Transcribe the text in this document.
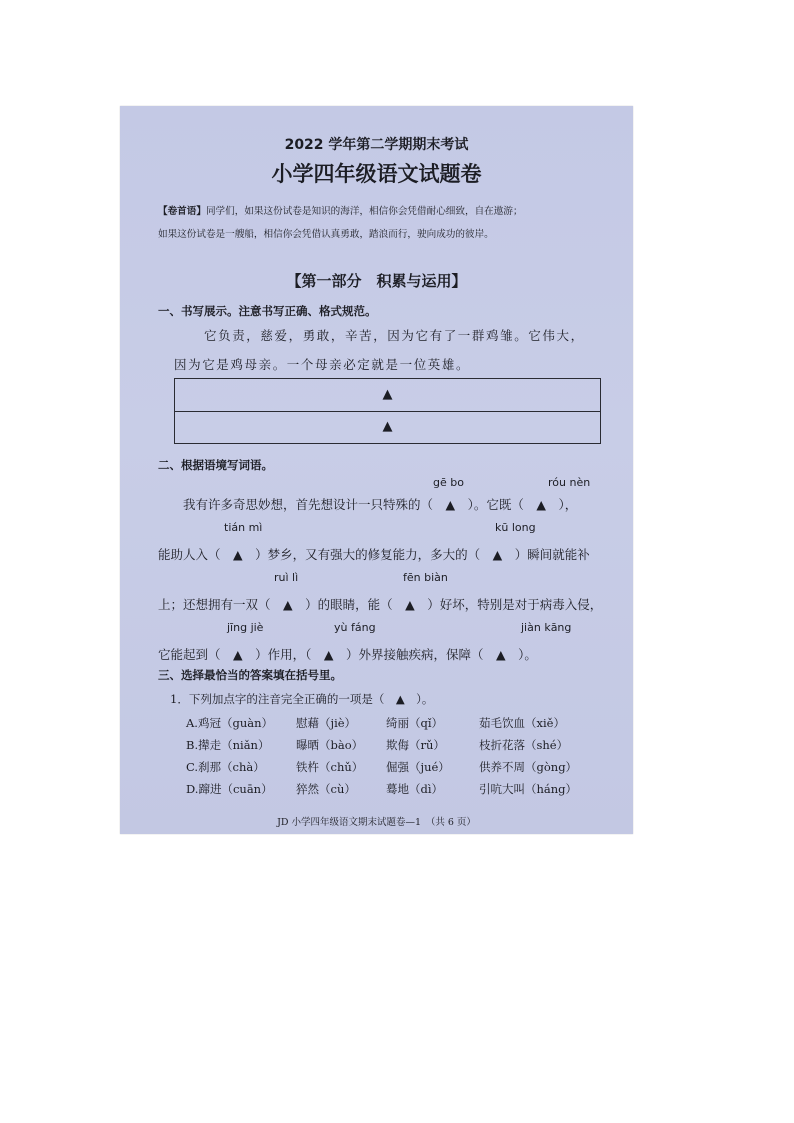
2022 学年第二学期期末考试
小学四年级语文试题卷
【卷首语】同学们，如果这份试卷是知识的海洋，相信你会凭借耐心细致，自在遨游；
如果这份试卷是一艘船，相信你会凭借认真勇敢，踏浪而行，驶向成功的彼岸。
【第一部分　积累与运用】
一、书写展示。注意书写正确、格式规范。
它负责，慈爱，勇敢，辛苦，因为它有了一群鸡雏。它伟大，
因为它是鸡母亲。一个母亲必定就是一位英雄。
▲
▲
二、根据语境写词语。
gē bo	róu nèn
我有许多奇思妙想，首先想设计一只特殊的（　▲　）。它既（　▲　），
tián mì	kū long
能助人入（　▲　）梦乡，又有强大的修复能力，多大的（　▲　）瞬间就能补
ruì lì	fēn biàn
上；还想拥有一双（　▲　）的眼睛，能（　▲　）好坏，特别是对于病毒入侵，
jīng jiè	yù fáng	jiàn kāng
它能起到（　▲　）作用，（　▲　）外界接触疾病，保障（　▲　）。
三、选择最恰当的答案填在括号里。
1．下列加点字的注音完全正确的一项是（　▲　）。
A.鸡冠（guàn） 慰藉（jiè）	绮丽（qǐ）	茹毛饮血（xiě）
B.撵走（niǎn） 曝晒（bào） 欺侮（rǔ）	枝折花落（shé）
C.刹那（chà）	铁杵（chǔ） 倔强（jué）	供养不周（gòng）
D.蹿进（cuān） 猝然（cù）	蓦地（dì）	引吭大叫（háng）
JD 小学四年级语文期末试题卷—1　（共 6 页）
